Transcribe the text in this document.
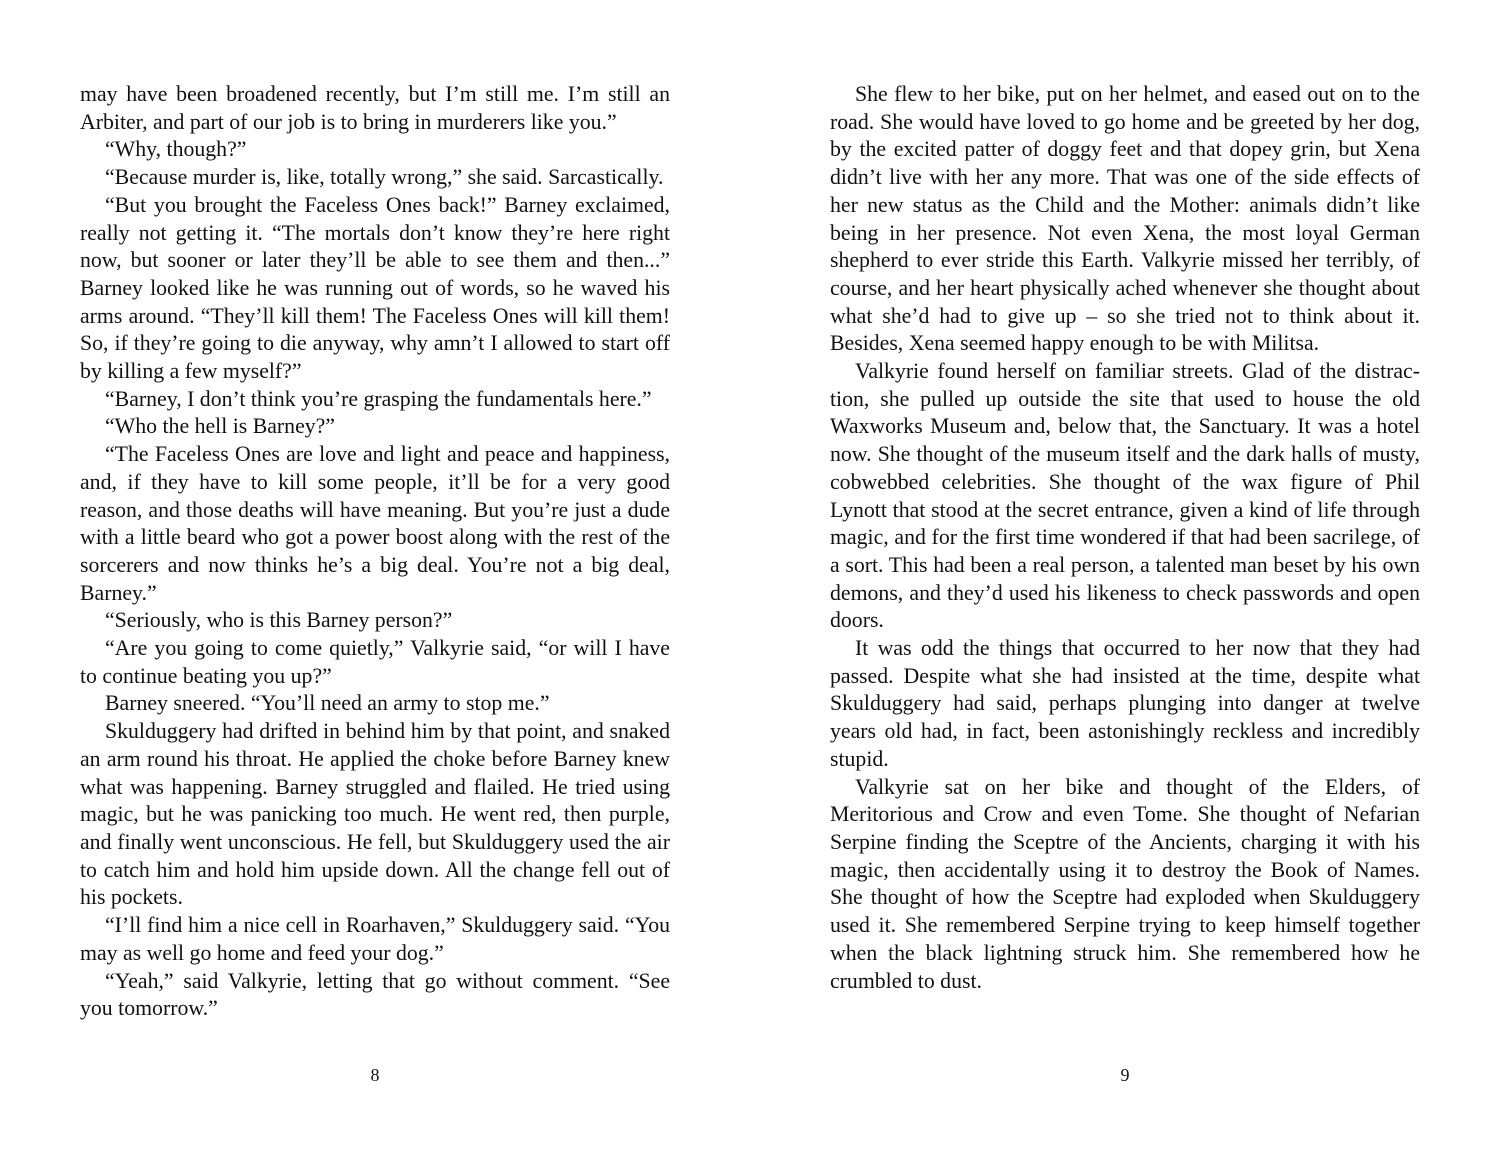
may have been broadened recently, but I’m still me. I’m still an Arbiter, and part of our job is to bring in murderers like you.”

“Why, though?”

“Because murder is, like, totally wrong,” she said. Sarcastically.

“But you brought the Faceless Ones back!” Barney exclaimed, really not getting it. “The mortals don’t know they’re here right now, but sooner or later they’ll be able to see them and then...” Barney looked like he was running out of words, so he waved his arms around. “They’ll kill them! The Faceless Ones will kill them! So, if they’re going to die anyway, why amn’t I allowed to start off by killing a few myself?”

“Barney, I don’t think you’re grasping the fundamentals here.”

“Who the hell is Barney?”

“The Faceless Ones are love and light and peace and happiness, and, if they have to kill some people, it’ll be for a very good reason, and those deaths will have meaning. But you’re just a dude with a little beard who got a power boost along with the rest of the sorcerers and now thinks he’s a big deal. You’re not a big deal, Barney.”

“Seriously, who is this Barney person?”

“Are you going to come quietly,” Valkyrie said, “or will I have to continue beating you up?”

Barney sneered. “You’ll need an army to stop me.”

Skulduggery had drifted in behind him by that point, and snaked an arm round his throat. He applied the choke before Barney knew what was happening. Barney struggled and flailed. He tried using magic, but he was panicking too much. He went red, then purple, and finally went unconscious. He fell, but Skulduggery used the air to catch him and hold him upside down. All the change fell out of his pockets.

“I’ll find him a nice cell in Roarhaven,” Skulduggery said. “You may as well go home and feed your dog.”

“Yeah,” said Valkyrie, letting that go without comment. “See you tomorrow.”

8

She flew to her bike, put on her helmet, and eased out on to the road. She would have loved to go home and be greeted by her dog, by the excited patter of doggy feet and that dopey grin, but Xena didn’t live with her any more. That was one of the side effects of her new status as the Child and the Mother: animals didn’t like being in her presence. Not even Xena, the most loyal German shepherd to ever stride this Earth. Valkyrie missed her terribly, of course, and her heart physically ached whenever she thought about what she’d had to give up – so she tried not to think about it. Besides, Xena seemed happy enough to be with Militsa.

Valkyrie found herself on familiar streets. Glad of the distraction, she pulled up outside the site that used to house the old Waxworks Museum and, below that, the Sanctuary. It was a hotel now. She thought of the museum itself and the dark halls of musty, cobwebbed celebrities. She thought of the wax figure of Phil Lynott that stood at the secret entrance, given a kind of life through magic, and for the first time wondered if that had been sacrilege, of a sort. This had been a real person, a talented man beset by his own demons, and they’d used his likeness to check passwords and open doors.

It was odd the things that occurred to her now that they had passed. Despite what she had insisted at the time, despite what Skulduggery had said, perhaps plunging into danger at twelve years old had, in fact, been astonishingly reckless and incredibly stupid.

Valkyrie sat on her bike and thought of the Elders, of Meritorious and Crow and even Tome. She thought of Nefarian Serpine finding the Sceptre of the Ancients, charging it with his magic, then accidentally using it to destroy the Book of Names. She thought of how the Sceptre had exploded when Skulduggery used it. She remembered Serpine trying to keep himself together when the black lightning struck him. She remembered how he crumbled to dust.

9
